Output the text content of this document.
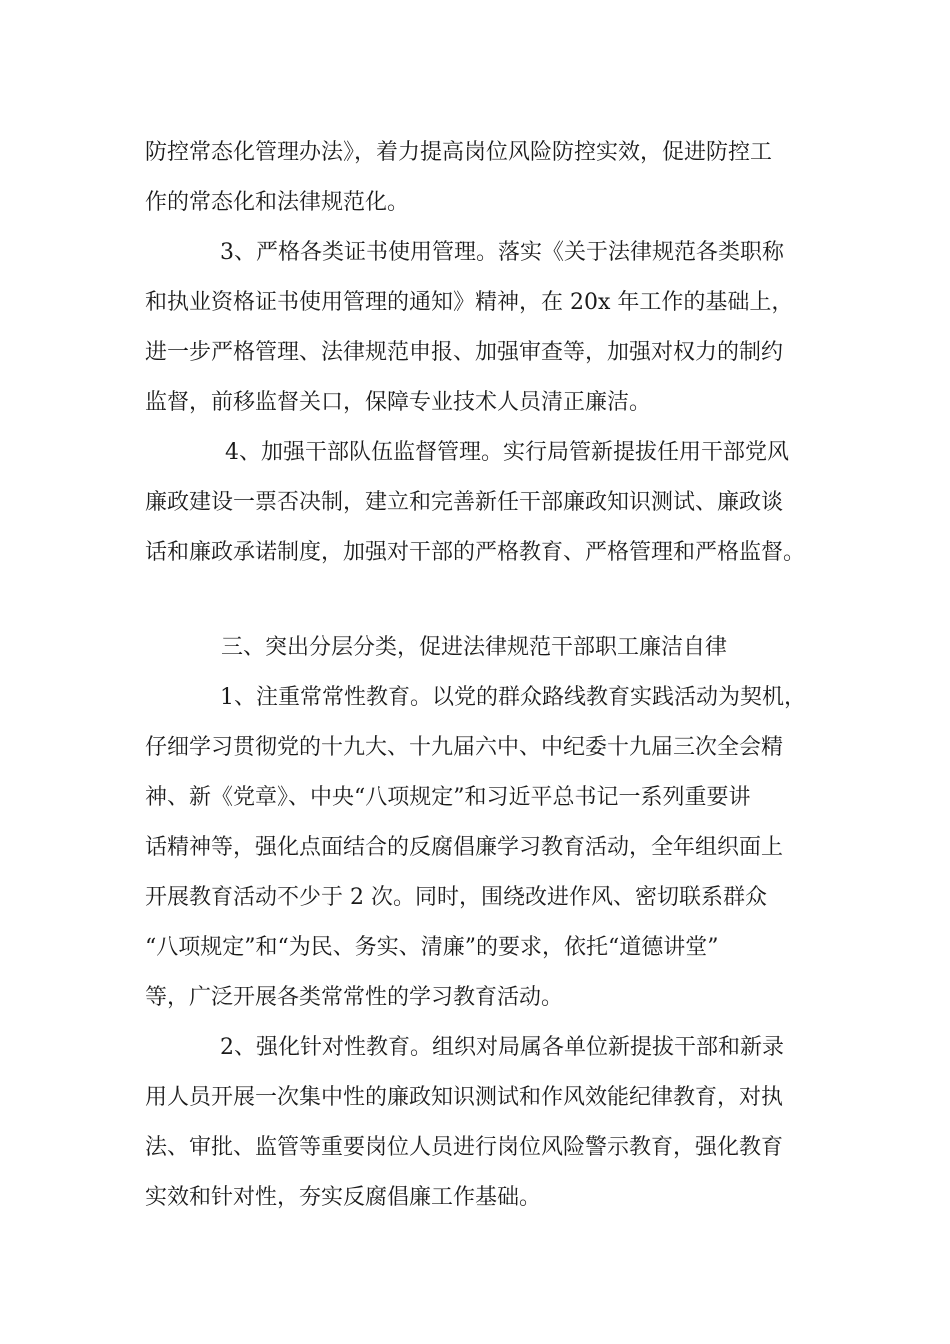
防控常态化管理办法》，着力提高岗位风险防控实效，促进防控工
作的常态化和法律规范化。
3、严格各类证书使用管理。落实《关于法律规范各类职称
和执业资格证书使用管理的通知》精神，在 20x 年工作的基础上，
进一步严格管理、法律规范申报、加强审查等，加强对权力的制约
监督，前移监督关口，保障专业技术人员清正廉洁。
4、加强干部队伍监督管理。实行局管新提拔任用干部党风
廉政建设一票否决制，建立和完善新任干部廉政知识测试、廉政谈
话和廉政承诺制度，加强对干部的严格教育、严格管理和严格监督。
三、突出分层分类，促进法律规范干部职工廉洁自律
1、注重常常性教育。以党的群众路线教育实践活动为契机，
仔细学习贯彻党的十九大、十九届六中、中纪委十九届三次全会精
神、新《党章》、中央“八项规定”和习近平总书记一系列重要讲
话精神等，强化点面结合的反腐倡廉学习教育活动，全年组织面上
开展教育活动不少于 2 次。同时，围绕改进作风、密切联系群众
“八项规定”和“为民、务实、清廉”的要求，依托“道德讲堂”
等，广泛开展各类常常性的学习教育活动。
2、强化针对性教育。组织对局属各单位新提拔干部和新录
用人员开展一次集中性的廉政知识测试和作风效能纪律教育，对执
法、审批、监管等重要岗位人员进行岗位风险警示教育，强化教育
实效和针对性，夯实反腐倡廉工作基础。
